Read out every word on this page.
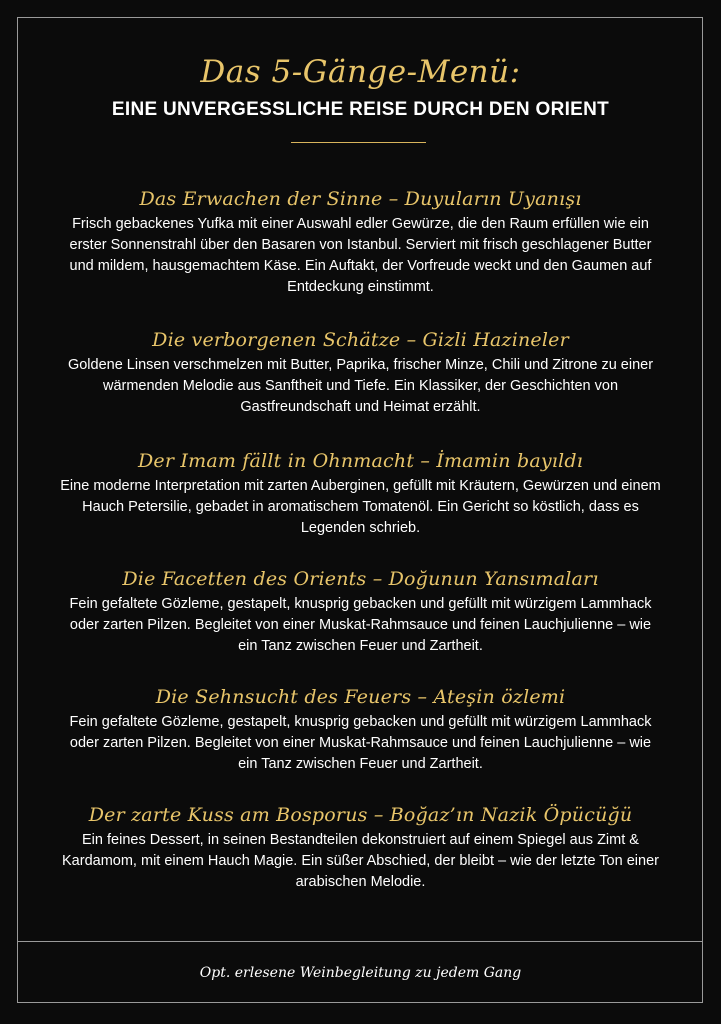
Das 5-Gänge-Menü:
EINE UNVERGESSLICHE REISE DURCH DEN ORIENT
Das Erwachen der Sinne – Duyuların Uyanışı
Frisch gebackenes Yufka mit einer Auswahl edler Gewürze, die den Raum erfüllen wie ein erster Sonnenstrahl über den Basaren von Istanbul. Serviert mit frisch geschlagener Butter und mildem, hausgemachtem Käse. Ein Auftakt, der Vorfreude weckt und den Gaumen auf Entdeckung einstimmt.
Die verborgenen Schätze – Gizli Hazineler
Goldene Linsen verschmelzen mit Butter, Paprika, frischer Minze, Chili und Zitrone zu einer wärmenden Melodie aus Sanftheit und Tiefe. Ein Klassiker, der Geschichten von Gastfreundschaft und Heimat erzählt.
Der Imam fällt in Ohnmacht – İmamin bayıldı
Eine moderne Interpretation mit zarten Auberginen, gefüllt mit Kräutern, Gewürzen und einem Hauch Petersilie, gebadet in aromatischem Tomatenöl. Ein Gericht so köstlich, dass es Legenden schrieb.
Die Facetten des Orients – Doğunun Yansımaları
Fein gefaltete Gözleme, gestapelt, knusprig gebacken und gefüllt mit würzigem Lammhack oder zarten Pilzen. Begleitet von einer Muskat-Rahmsauce und feinen Lauchjulienne – wie ein Tanz zwischen Feuer und Zartheit.
Die Sehnsucht des Feuers – Ateşin özlemi
Fein gefaltete Gözleme, gestapelt, knusprig gebacken und gefüllt mit würzigem Lammhack oder zarten Pilzen. Begleitet von einer Muskat-Rahmsauce und feinen Lauchjulienne – wie ein Tanz zwischen Feuer und Zartheit.
Der zarte Kuss am Bosporus – Boğaz’ın Nazik Öpücüğü
Ein feines Dessert, in seinen Bestandteilen dekonstruiert auf einem Spiegel aus Zimt & Kardamom, mit einem Hauch Magie. Ein süßer Abschied, der bleibt – wie der letzte Ton einer arabischen Melodie.
Opt. erlesene Weinbegleitung zu jedem Gang
